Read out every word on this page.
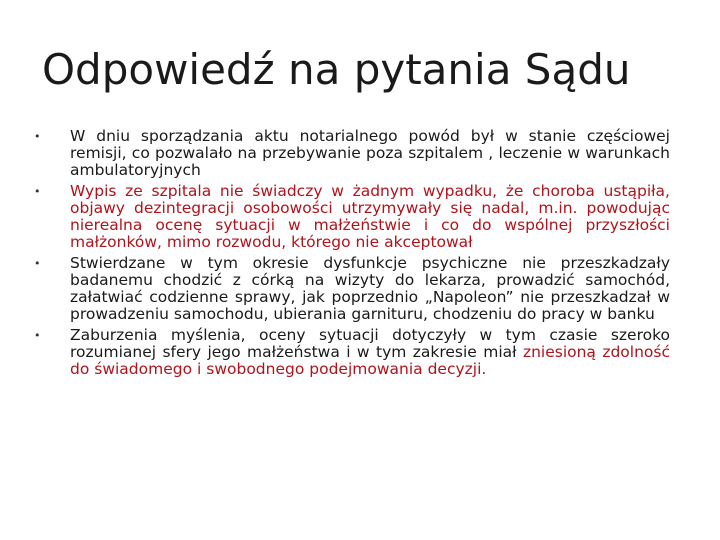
Odpowiedź na pytania Sądu
• W dniu sporządzania aktu notarialnego powód był w stanie częściowej remisji, co pozwalało na przebywanie poza szpitalem , leczenie w warunkach ambulatoryjnych
• Wypis ze szpitala nie świadczy w żadnym wypadku, że choroba ustąpiła, objawy dezintegracji osobowości utrzymywały się nadal, m.in. powodując nierealna ocenę sytuacji w małżeństwie i co do wspólnej przyszłości małżonków, mimo rozwodu, którego nie akceptował
• Stwierdzane w tym okresie dysfunkcje psychiczne nie przeszkadzały badanemu chodzić z córką na wizyty do lekarza, prowadzić samochód, załatwiać codzienne sprawy, jak poprzednio „Napoleon” nie przeszkadzał w prowadzeniu samochodu, ubierania garnituru, chodzeniu do pracy w banku
• Zaburzenia myślenia, oceny sytuacji dotyczyły w tym czasie szeroko rozumianej sfery jego małżeństwa i w tym zakresie miał zniesioną zdolność do świadomego i swobodnego podejmowania decyzji.
